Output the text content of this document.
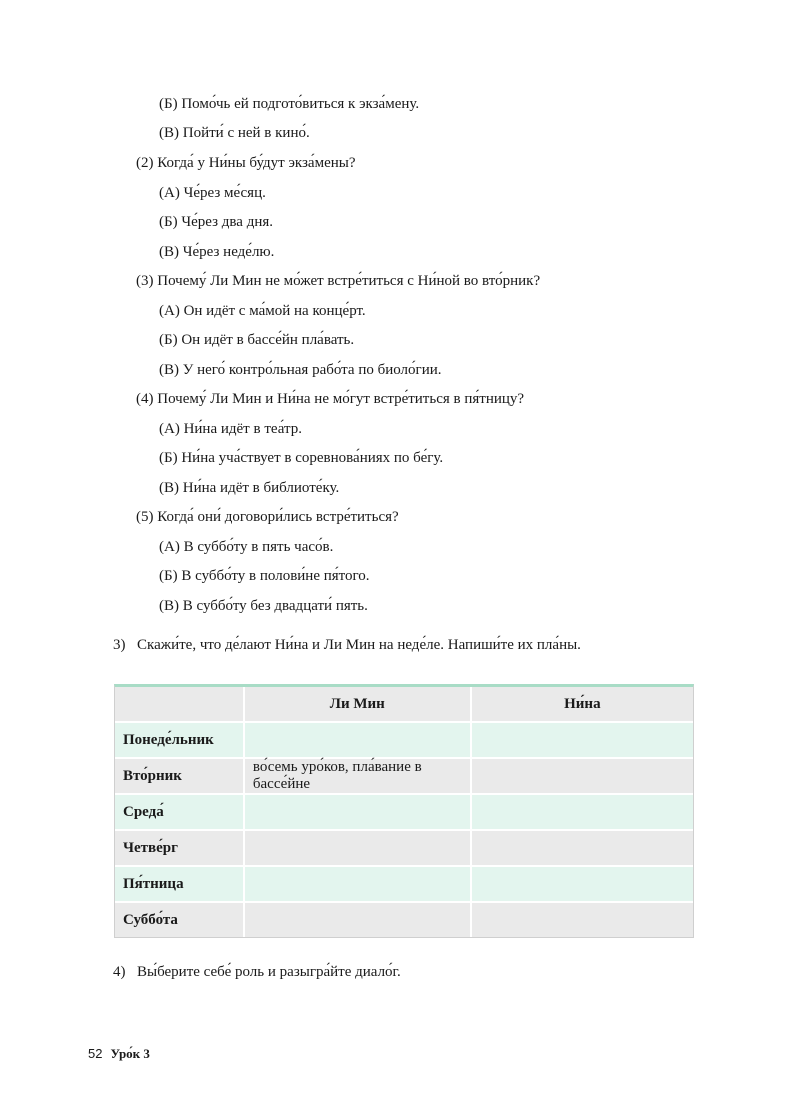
(Б) Помо́чь ей подгото́виться к экза́мену.
(В) Пойти́ с ней в кино́.
(2) Когда́ у Ни́ны бу́дут экза́мены?
(А) Че́рез ме́сяц.
(Б) Че́рез два дня.
(В) Че́рез неде́лю.
(3) Почему́ Ли Мин не мо́жет встре́титься с Ни́ной во вто́рник?
(А) Он идёт с ма́мой на конце́рт.
(Б) Он идёт в бассе́йн пла́вать.
(В) У него́ контро́льная рабо́та по биоло́гии.
(4) Почему́ Ли Мин и Ни́на не мо́гут встре́титься в пя́тницу?
(А) Ни́на идёт в теа́тр.
(Б) Ни́на уча́ствует в соревнова́ниях по бе́гу.
(В) Ни́на идёт в библиоте́ку.
(5) Когда́ они́ договори́лись встре́титься?
(А) В суббо́ту в пять часо́в.
(Б) В суббо́ту в полови́не пя́того.
(В) В суббо́ту без двадцати́ пять.
3) Скажи́те, что де́лают Ни́на и Ли Мин на неде́ле. Напиши́те их пла́ны.
	Ли Мин	Ни́на
Понеде́льник		
Вто́рник	во́семь уро́ков, пла́вание в бассе́йне	
Среда́		
Четве́рг		
Пя́тница		
Суббо́та		
4) Вы́берите себе́ роль и разыгра́йте диало́г.
52 Уро́к 3
